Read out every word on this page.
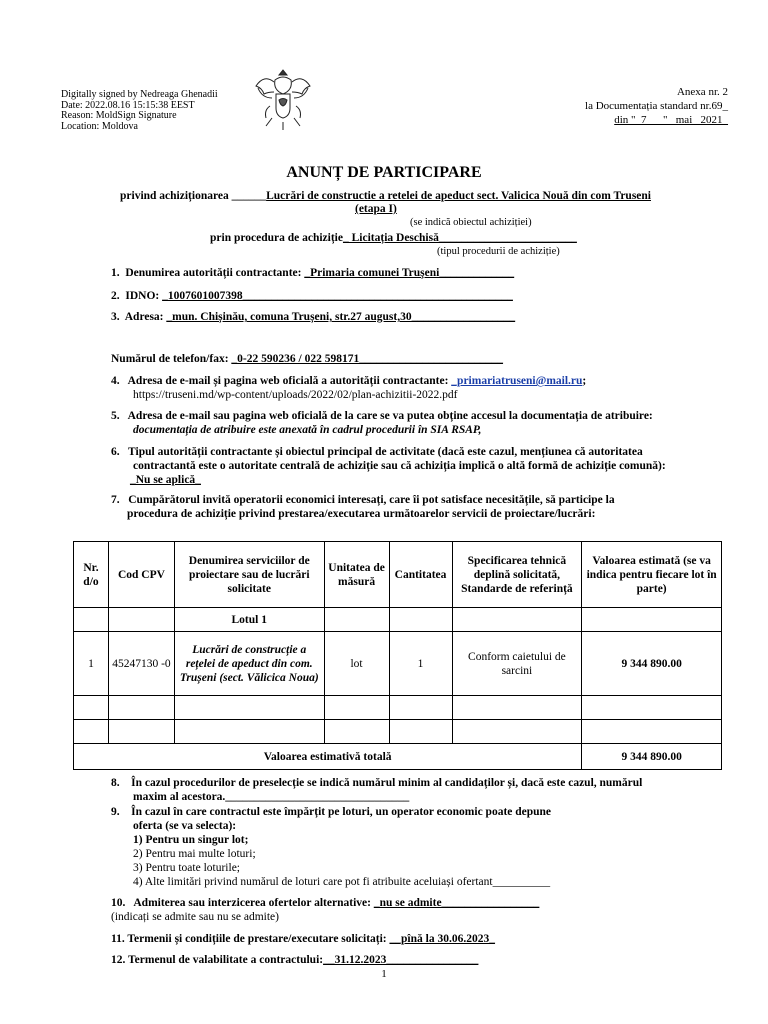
Digitally signed by Nedreaga Ghenadii
Date: 2022.08.16 15:15:38 EEST
Reason: MoldSign Signature
Location: Moldova
Anexa nr. 2
la Documentația standard nr.69_
din "_7___" _mai_ 2021_
ANUNȚ DE PARTICIPARE
privind achiziționarea ______Lucrări de constructie a retelei de apeduct sect. Valicica Nouă din com Truseni
(etapa I)
(se indică obiectul achiziției)
prin procedura de achiziție_ Licitația Deschisă________________________
(tipul procedurii de achiziție)
1. Denumirea autorității contractante: _Primaria comunei Truşeni_____________
2. IDNO: _1007601007398_______________________________________________
3. Adresa: _mun. Chișinău, comuna Trușeni, str.27 august,30__________________
Numărul de telefon/fax: _0-22 590236 / 022 598171_________________________
4. Adresa de e-mail și pagina web oficială a autorității contractante: _primariatruseni@mail.ru;
https://truseni.md/wp-content/uploads/2022/02/plan-achizitii-2022.pdf
5. Adresa de e-mail sau pagina web oficială de la care se va putea obține accesul la documentația de atribuire:
documentația de atribuire este anexată în cadrul procedurii în SIA RSAP,
6. Tipul autorității contractante și obiectul principal de activitate (dacă este cazul, mențiunea că autoritatea
contractantă este o autoritate centrală de achiziție sau că achiziția implică o altă formă de achiziție comună):
_Nu se aplică_
7. Cumpărătorul invită operatorii economici interesați, care îi pot satisface necesitățile, să participe la
procedura de achiziție privind prestarea/executarea următoarelor servicii de proiectare/lucrări:
Nr. d/o	Cod CPV	Denumirea serviciilor de proiectare sau de lucrări solicitate	Unitatea de măsură	Cantitatea	Specificarea tehnică deplină solicitată, Standarde de referință	Valoarea estimată (se va indica pentru fiecare lot în parte)
		Lotul 1				
1	45247130 -0	Lucrări de construcție a rețelei de apeduct din com. Trușeni (sect. Vălicica Noua)	lot	1	Conform caietului de sarcini	9 344 890.00

Valoarea estimativă totală						9 344 890.00
8. În cazul procedurilor de preselecție se indică numărul minim al candidaților și, dacă este cazul, numărul
maxim al acestora.________________________________
9. În cazul în care contractul este împărțit pe loturi, un operator economic poate depune
oferta (se va selecta):
1) Pentru un singur lot;
2) Pentru mai multe loturi;
3) Pentru toate loturile;
4) Alte limitări privind numărul de loturi care pot fi atribuite aceluiași ofertant__________
10. Admiterea sau interzicerea ofertelor alternative: _nu se admite_________________
(indicați se admite sau nu se admite)
11. Termenii și condițiile de prestare/executare solicitați: __pînă la 30.06.2023_
12. Termenul de valabilitate a contractului:__31.12.2023________________
1
